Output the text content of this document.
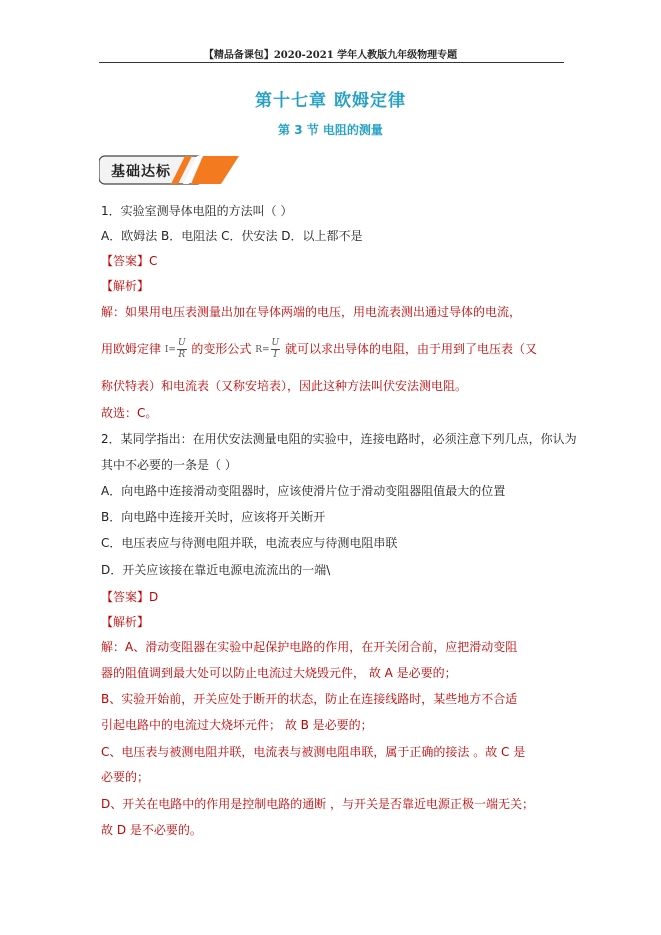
【精品备课包】2020-2021 学年人教版九年级物理专题
第十七章 欧姆定律
第 3 节 电阻的测量
基础达标
1．实验室测导体电阻的方法叫（ ）
A．欧姆法 B．电阻法 C．伏安法 D．以上都不是
【答案】C
【解析】
解：如果用电压表测量出加在导体两端的电压，用电流表测出通过导体的电流，
用欧姆定律 $I= \frac{U}{R}$ 的变形公式 $R= \frac{U}{I}$ 就可以求出导体的电阻，由于用到了电压表（又
称伏特表）和电流表（又称安培表），因此这种方法叫伏安法测电阻。
故选：C。
2．某同学指出：在用伏安法测量电阻的实验中，连接电路时，必须注意下列几点，你认为
其中不必要的一条是（ ）
A．向电路中连接滑动变阻器时，应该使滑片位于滑动变阻器阻值最大的位置
B．向电路中连接开关时，应该将开关断开
C．电压表应与待测电阻并联，电流表应与待测电阻串联
D．开关应该接在靠近电源电流流出的一端\
【答案】D
【解析】
解：A、滑动变阻器在实验中起保护电路的作用，在开关闭合前，应把滑动变阻
器的阻值调到最大处可以防止电流过大烧毁元件， 故 A 是必要的；
B、实验开始前，开关应处于断开的状态，防止在连接线路时，某些地方不合适
引起电路中的电流过大烧坏元件； 故 B 是必要的；
C、电压表与被测电阻并联，电流表与被测电阻串联，属于正确的接法 。故 C 是
必要的；
D、开关在电路中的作用是控制电路的通断 ，与开关是否靠近电源正极一端无关；
故 D 是不必要的。
